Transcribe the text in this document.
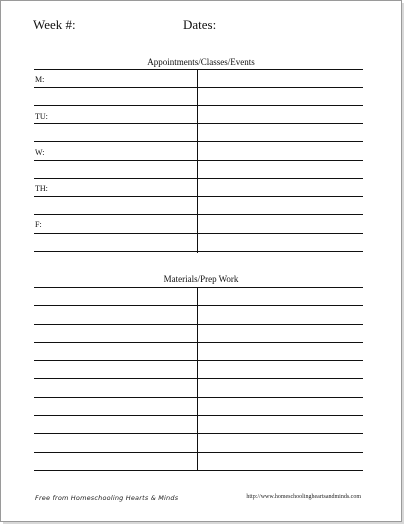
Week #:	Dates:
Appointments/Classes/Events
M:
TU:
W:
TH:
F:
Materials/Prep Work
Free from Homeschooling Hearts & Minds	http://www.homeschoolingheartsandminds.com
